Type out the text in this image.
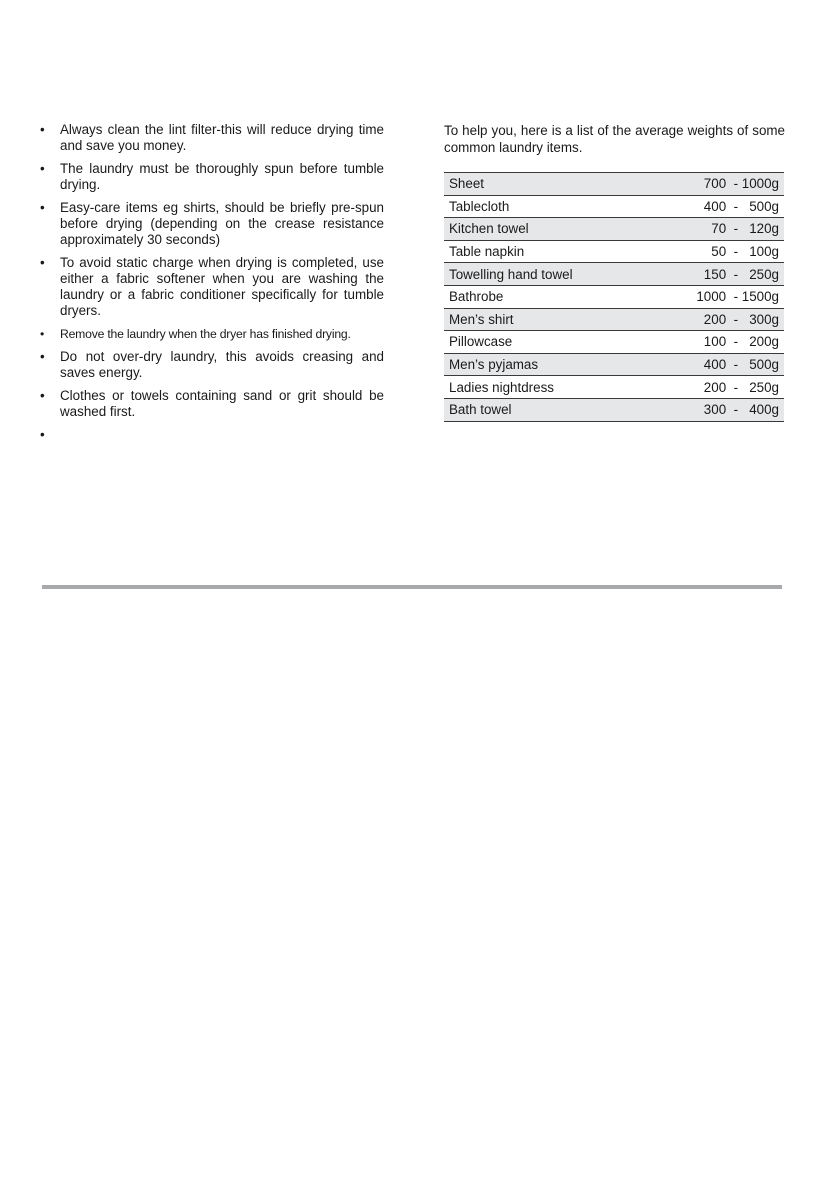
• Always clean the lint filter-this will reduce drying time and save you money.
• The laundry must be thoroughly spun before tumble drying.
• Easy-care items eg shirts, should be briefly pre-spun before drying (depending on the crease resistance approximately 30 seconds)
• To avoid static charge when drying is completed, use either a fabric softener when you are washing the laundry or a fabric conditioner specifically for tumble dryers.
• Remove the laundry when the dryer has finished drying.
• Do not over-dry laundry, this avoids creasing and saves energy.
• Clothes or towels containing sand or grit should be washed first.
•

To help you, here is a list of the average weights of some common laundry items.

Sheet	700  - 1000g
Tablecloth	400  -   500g
Kitchen towel	70  -   120g
Table napkin	50  -   100g
Towelling hand towel	150  -   250g
Bathrobe	1000  - 1500g
Men’s shirt	200  -   300g
Pillowcase	100  -   200g
Men’s pyjamas	400  -   500g
Ladies nightdress	200  -   250g
Bath towel	300  -   400g
